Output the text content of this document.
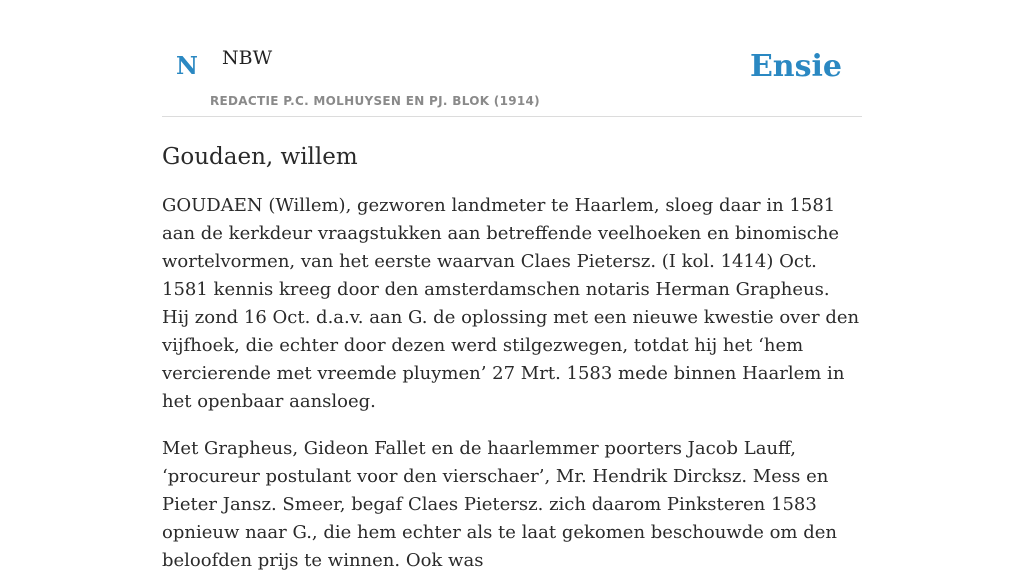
N NBW
REDACTIE P.C. MOLHUYSEN EN PJ. BLOK (1914)
Ensie
Goudaen, willem

GOUDAEN (Willem), gezworen landmeter te Haarlem, sloeg daar in 1581 aan de kerkdeur vraagstukken aan betreffende veelhoeken en binomische wortelvormen, van het eerste waarvan Claes Pietersz. (I kol. 1414) Oct. 1581 kennis kreeg door den amsterdamschen notaris Herman Grapheus. Hij zond 16 Oct. d.a.v. aan G. de oplossing met een nieuwe kwestie over den vijfhoek, die echter door dezen werd stilgezwegen, totdat hij het ‘hem vercierende met vreemde pluymen’ 27 Mrt. 1583 mede binnen Haarlem in het openbaar aansloeg.

Met Grapheus, Gideon Fallet en de haarlemmer poorters Jacob Lauff, ‘procureur postulant voor den vierschaer’, Mr. Hendrik Dircksz. Mess en Pieter Jansz. Smeer, begaf Claes Pietersz. zich daarom Pinksteren 1583 opnieuw naar G., die hem echter als te laat gekomen beschouwde om den beloofden prijs te winnen. Ook was
